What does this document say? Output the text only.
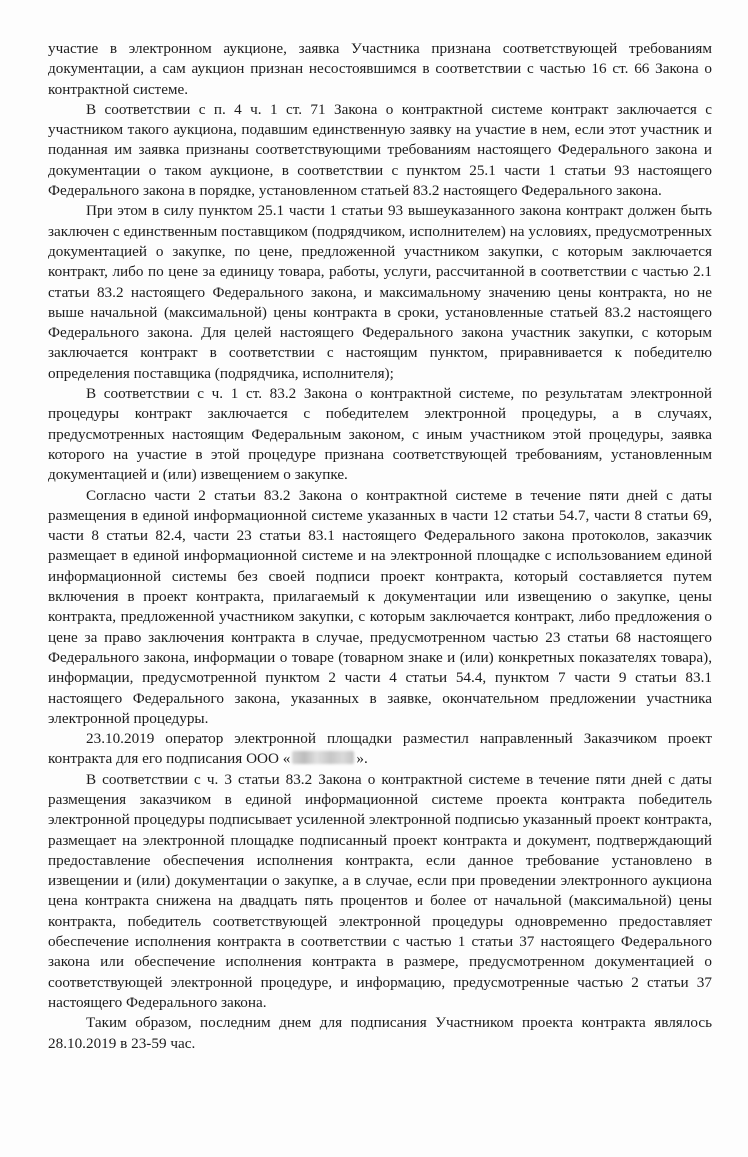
участие в электронном аукционе, заявка Участника признана соответствующей требованиям документации, а сам аукцион признан несостоявшимся в соответствии с частью 16 ст. 66 Закона о контрактной системе.

В соответствии с п. 4 ч. 1 ст. 71 Закона о контрактной системе контракт заключается с участником такого аукциона, подавшим единственную заявку на участие в нем, если этот участник и поданная им заявка признаны соответствующими требованиям настоящего Федерального закона и документации о таком аукционе, в соответствии с пунктом 25.1 части 1 статьи 93 настоящего Федерального закона в порядке, установленном статьей 83.2 настоящего Федерального закона.

При этом в силу пунктом 25.1 части 1 статьи 93 вышеуказанного закона контракт должен быть заключен с единственным поставщиком (подрядчиком, исполнителем) на условиях, предусмотренных документацией о закупке, по цене, предложенной участником закупки, с которым заключается контракт, либо по цене за единицу товара, работы, услуги, рассчитанной в соответствии с частью 2.1 статьи 83.2 настоящего Федерального закона, и максимальному значению цены контракта, но не выше начальной (максимальной) цены контракта в сроки, установленные статьей 83.2 настоящего Федерального закона. Для целей настоящего Федерального закона участник закупки, с которым заключается контракт в соответствии с настоящим пунктом, приравнивается к победителю определения поставщика (подрядчика, исполнителя);

В соответствии с ч. 1 ст. 83.2 Закона о контрактной системе, по результатам электронной процедуры контракт заключается с победителем электронной процедуры, а в случаях, предусмотренных настоящим Федеральным законом, с иным участником этой процедуры, заявка которого на участие в этой процедуре признана соответствующей требованиям, установленным документацией и (или) извещением о закупке.

Согласно части 2 статьи 83.2 Закона о контрактной системе в течение пяти дней с даты размещения в единой информационной системе указанных в части 12 статьи 54.7, части 8 статьи 69, части 8 статьи 82.4, части 23 статьи 83.1 настоящего Федерального закона протоколов, заказчик размещает в единой информационной системе и на электронной площадке с использованием единой информационной системы без своей подписи проект контракта, который составляется путем включения в проект контракта, прилагаемый к документации или извещению о закупке, цены контракта, предложенной участником закупки, с которым заключается контракт, либо предложения о цене за право заключения контракта в случае, предусмотренном частью 23 статьи 68 настоящего Федерального закона, информации о товаре (товарном знаке и (или) конкретных показателях товара), информации, предусмотренной пунктом 2 части 4 статьи 54.4, пунктом 7 части 9 статьи 83.1 настоящего Федерального закона, указанных в заявке, окончательном предложении участника электронной процедуры.

23.10.2019 оператор электронной площадки разместил направленный Заказчиком проект контракта для его подписания ООО «	».

В соответствии с ч. 3 статьи 83.2 Закона о контрактной системе в течение пяти дней с даты размещения заказчиком в единой информационной системе проекта контракта победитель электронной процедуры подписывает усиленной электронной подписью указанный проект контракта, размещает на электронной площадке подписанный проект контракта и документ, подтверждающий предоставление обеспечения исполнения контракта, если данное требование установлено в извещении и (или) документации о закупке, а в случае, если при проведении электронного аукциона цена контракта снижена на двадцать пять процентов и более от начальной (максимальной) цены контракта, победитель соответствующей электронной процедуры одновременно предоставляет обеспечение исполнения контракта в соответствии с частью 1 статьи 37 настоящего Федерального закона или обеспечение исполнения контракта в размере, предусмотренном документацией о соответствующей электронной процедуре, и информацию, предусмотренные частью 2 статьи 37 настоящего Федерального закона.

Таким образом, последним днем для подписания Участником проекта контракта являлось 28.10.2019 в 23-59 час.
